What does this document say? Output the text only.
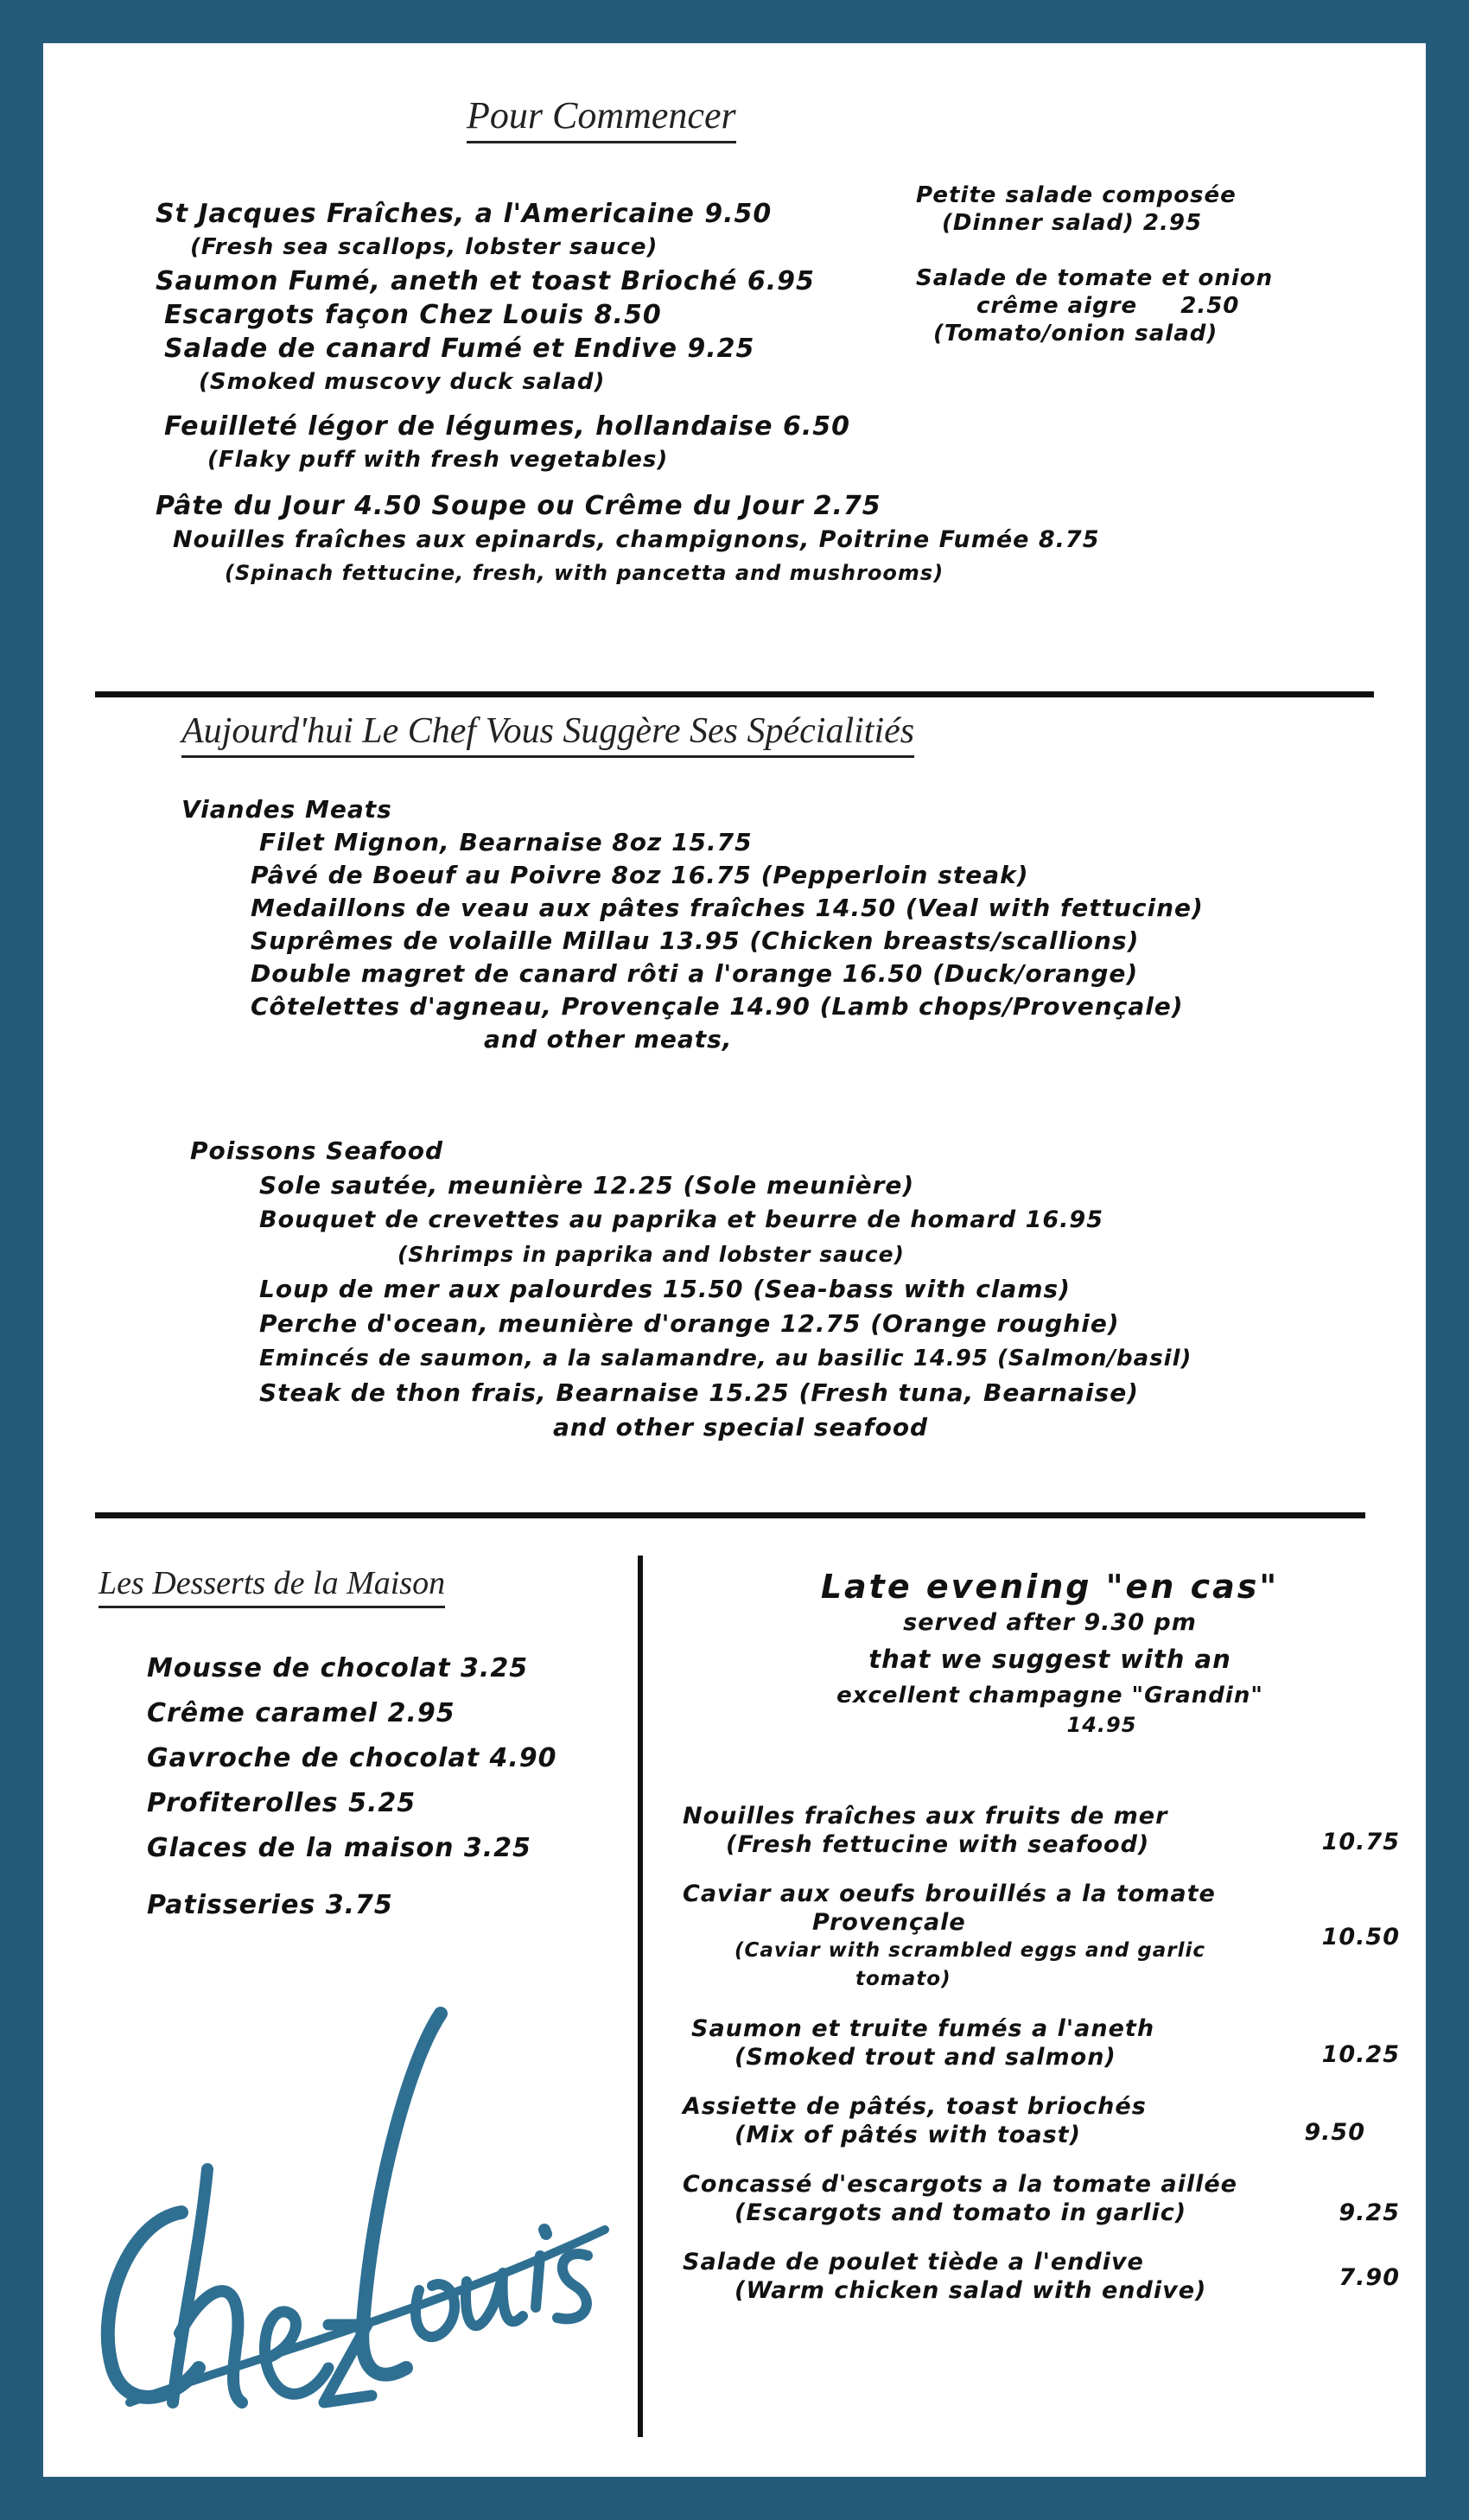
Pour Commencer
St Jacques Fraîches, a l'Americaine 9.50
(Fresh sea scallops, lobster sauce)
Saumon Fumé, aneth et toast Brioché 6.95
Escargots façon Chez Louis 8.50
Salade de canard Fumé et Endive 9.25
(Smoked muscovy duck salad)
Feuilleté légor de légumes, hollandaise 6.50
(Flaky puff with fresh vegetables)
Pâte du Jour 4.50 Soupe ou Crême du Jour 2.75
Nouilles fraîches aux epinards, champignons, Poitrine Fumée 8.75
(Spinach fettucine, fresh, with pancetta and mushrooms)
Petite salade composée
(Dinner salad) 2.95
Salade de tomate et onion
crême aigre 2.50
(Tomato/onion salad)
Aujourd'hui Le Chef Vous Suggère Ses Spécialitiés
Viandes Meats
Filet Mignon, Bearnaise 8oz 15.75
Pâvé de Boeuf au Poivre 8oz 16.75 (Pepperloin steak)
Medaillons de veau aux pâtes fraîches 14.50 (Veal with fettucine)
Suprêmes de volaille Millau 13.95 (Chicken breasts/scallions)
Double magret de canard rôti a l'orange 16.50 (Duck/orange)
Côtelettes d'agneau, Provençale 14.90 (Lamb chops/Provençale)
and other meats,
Poissons Seafood
Sole sautée, meunière 12.25 (Sole meunière)
Bouquet de crevettes au paprika et beurre de homard 16.95
(Shrimps in paprika and lobster sauce)
Loup de mer aux palourdes 15.50 (Sea-bass with clams)
Perche d'ocean, meunière d'orange 12.75 (Orange roughie)
Emincés de saumon, a la salamandre, au basilic 14.95 (Salmon/basil)
Steak de thon frais, Bearnaise 15.25 (Fresh tuna, Bearnaise)
and other special seafood
Les Desserts de la Maison
Mousse de chocolat 3.25
Crême caramel 2.95
Gavroche de chocolat 4.90
Profiterolles 5.25
Glaces de la maison 3.25
Patisseries 3.75
Late evening "en cas"
served after 9.30 pm
that we suggest with an
excellent champagne "Grandin"
14.95
Nouilles fraîches aux fruits de mer
(Fresh fettucine with seafood)	10.75
Caviar aux oeufs brouillés a la tomate
Provençale
(Caviar with scrambled eggs and garlic
tomato)
10.50
Saumon et truite fumés a l'aneth
(Smoked trout and salmon)	10.25
Assiette de pâtés, toast briochés
(Mix of pâtés with toast)	9.50
Concassé d'escargots a la tomate aillée
(Escargots and tomato in garlic)	9.25
Salade de poulet tiède a l'endive
(Warm chicken salad with endive)	7.90
